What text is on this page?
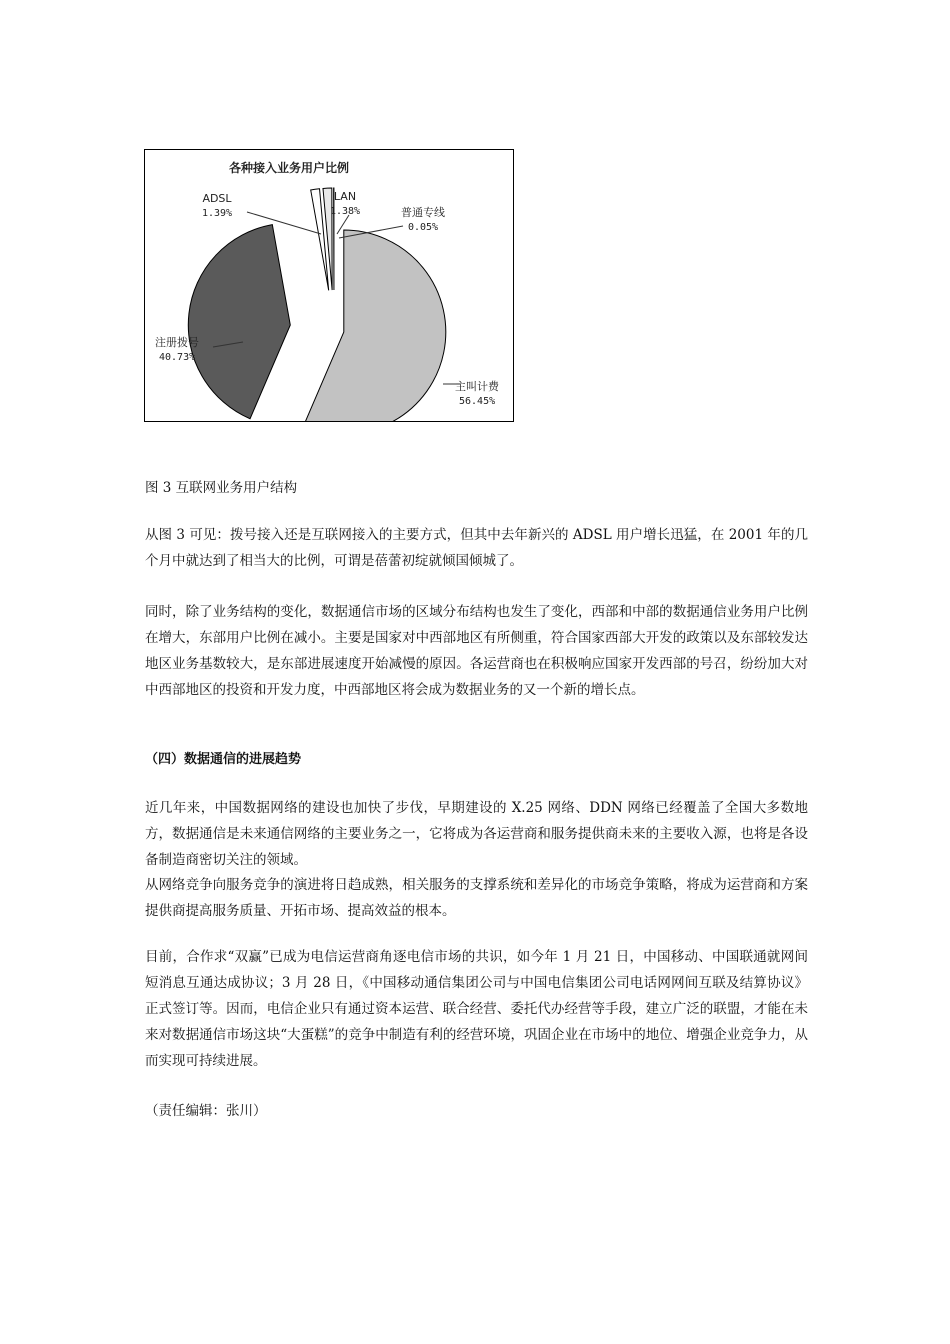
各种接入业务用户比例
主叫计费
56.45%
注册拨号
40.73%
ADSL
1.39%
LAN
1.38%	普通专线
0.05%

图 3 互联网业务用户结构

从图 3 可见：拨号接入还是互联网接入的主要方式，但其中去年新兴的 ADSL 用户增长迅猛，在 2001 年的几个月中就达到了相当大的比例，可谓是蓓蕾初绽就倾国倾城了。

同时，除了业务结构的变化，数据通信市场的区域分布结构也发生了变化，西部和中部的数据通信业务用户比例在增大，东部用户比例在减小。主要是国家对中西部地区有所侧重，符合国家西部大开发的政策以及东部较发达地区业务基数较大，是东部进展速度开始减慢的原因。各运营商也在积极响应国家开发西部的号召，纷纷加大对中西部地区的投资和开发力度，中西部地区将会成为数据业务的又一个新的增长点。

（四）数据通信的进展趋势

近几年来，中国数据网络的建设也加快了步伐，早期建设的 X.25 网络、DDN 网络已经覆盖了全国大多数地方，数据通信是未来通信网络的主要业务之一，它将成为各运营商和服务提供商未来的主要收入源，也将是各设备制造商密切关注的领域。

从网络竞争向服务竞争的演进将日趋成熟，相关服务的支撑系统和差异化的市场竞争策略，将成为运营商和方案提供商提高服务质量、开拓市场、提高效益的根本。

目前，合作求“双赢”已成为电信运营商角逐电信市场的共识，如今年 1 月 21 日，中国移动、中国联通就网间短消息互通达成协议；3 月 28 日，《中国移动通信集团公司与中国电信集团公司电话网网间互联及结算协议》正式签订等。因而，电信企业只有通过资本运营、联合经营、委托代办经营等手段，建立广泛的联盟，才能在未来对数据通信市场这块“大蛋糕”的竞争中制造有利的经营环境，巩固企业在市场中的地位、增强企业竞争力，从而实现可持续进展。

（责任编辑：张川）
